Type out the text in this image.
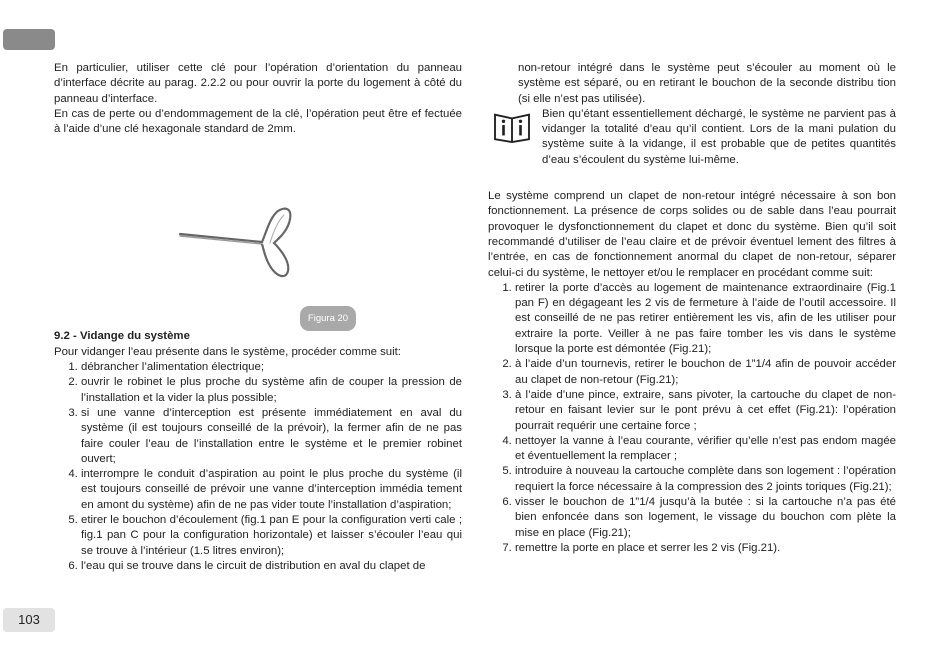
En particulier, utiliser cette clé pour l’opération d’orientation du panneau d’interface décrite au parag. 2.2.2 ou pour ouvrir la porte du logement à côté du panneau d’interface.

En cas de perte ou d’endommagement de la clé, l’opération peut être ef fectuée à l’aide d’une clé hexagonale standard de 2mm.

Figura 20

9.2 - Vidange du système

Pour vidanger l’eau présente dans le système, procéder comme suit:

1. débrancher l’alimentation électrique;
2. ouvrir le robinet le plus proche du système afin de couper la pression de l’installation et la vider la plus possible;
3. si une vanne d’interception est présente immédiatement en aval du système (il est toujours conseillé de la prévoir), la fermer afin de ne pas faire couler l’eau de l’installation entre le système et le premier robinet ouvert;
4. interrompre le conduit d’aspiration au point le plus proche du système (il est toujours conseillé de prévoir une vanne d’interception immédia tement en amont du système) afin de ne pas vider toute l’installation d’aspiration;
5. etirer le bouchon d’écoulement (fig.1 pan E pour la configuration verti cale ; fig.1 pan C pour la configuration horizontale) et laisser s’écouler l’eau qui se trouve à l’intérieur (1.5 litres environ);
6. l’eau qui se trouve dans le circuit de distribution en aval du clapet de

non-retour intégré dans le système peut s’écouler au moment où le système est séparé, ou en retirant le bouchon de la seconde distribu tion (si elle n’est pas utilisée).

Bien qu’étant essentiellement déchargé, le système ne parvient pas à vidanger la totalité d’eau qu’il contient. Lors de la mani pulation du système suite à la vidange, il est probable que de petites quantités d’eau s’écoulent du système lui-même.

Le système comprend un clapet de non-retour intégré nécessaire à son bon fonctionnement. La présence de corps solides ou de sable dans l’eau pourrait provoquer le dysfonctionnement du clapet et donc du système. Bien qu’il soit recommandé d’utiliser de l’eau claire et de prévoir éventuel lement des filtres à l’entrée, en cas de fonctionnement anormal du clapet de non-retour, séparer celui-ci du système, le nettoyer et/ou le remplacer en procédant comme suit:

1. retirer la porte d’accès au logement de maintenance extraordinaire (Fig.1 pan F) en dégageant les 2 vis de fermeture à l’aide de l’outil accessoire. Il est conseillé de ne pas retirer entièrement les vis, afin de les utiliser pour extraire la porte. Veiller à ne pas faire tomber les vis dans le système lorsque la porte est démontée (Fig.21);
2. à l’aide d’un tournevis, retirer le bouchon de 1”1/4 afin de pouvoir accéder au clapet de non-retour (Fig.21);
3. à l’aide d’une pince, extraire, sans pivoter, la cartouche du clapet de non-retour en faisant levier sur le pont prévu à cet effet (Fig.21): l’opération pourrait requérir une certaine force ;
4. nettoyer la vanne à l’eau courante, vérifier qu’elle n’est pas endom magée et éventuellement la remplacer ;
5. introduire à nouveau la cartouche complète dans son logement : l’opération requiert la force nécessaire à la compression des 2 joints toriques (Fig.21);
6. visser le bouchon de 1”1/4 jusqu’à la butée : si la cartouche n’a pas été bien enfoncée dans son logement, le vissage du bouchon com plète la mise en place (Fig.21);
7. remettre la porte en place et serrer les 2 vis (Fig.21).
103
